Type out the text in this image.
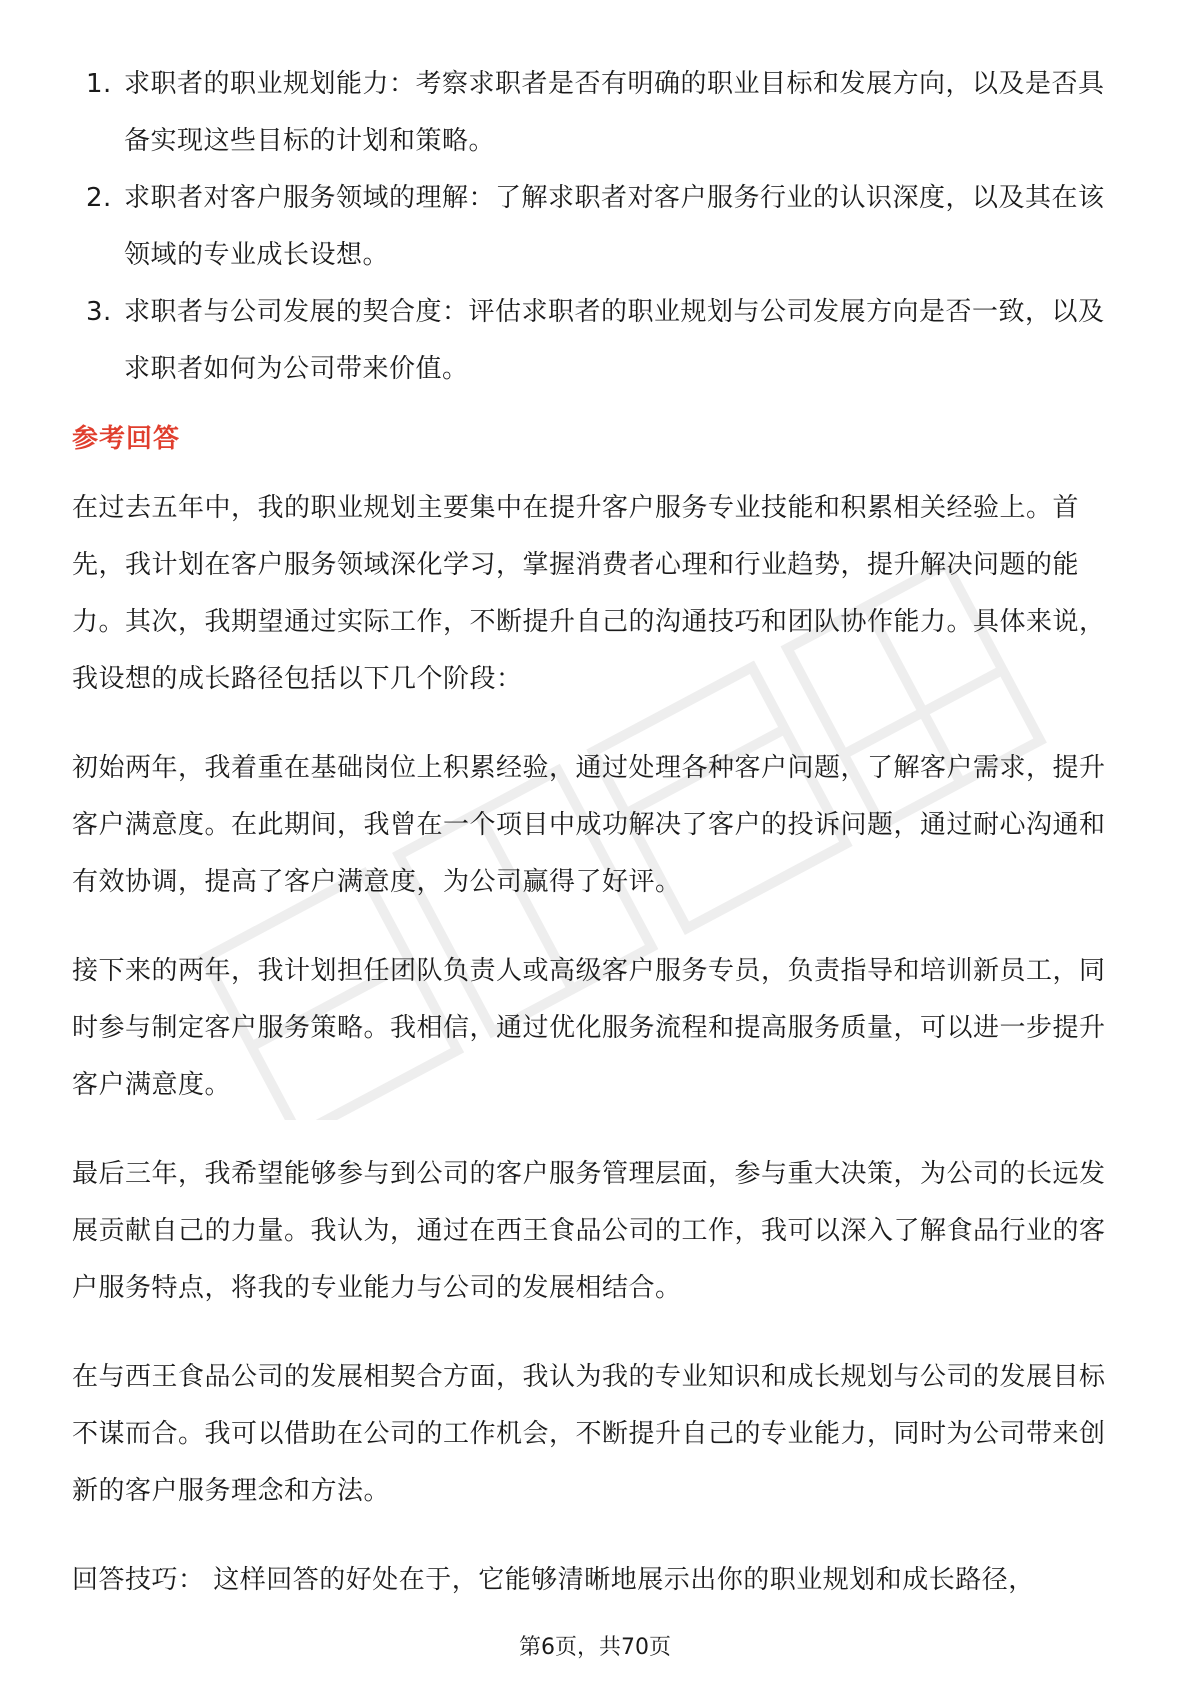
1. 求职者的职业规划能力：考察求职者是否有明确的职业目标和发展方向，以及是否具备实现这些目标的计划和策略。
2. 求职者对客户服务领域的理解：了解求职者对客户服务行业的认识深度，以及其在该领域的专业成长设想。
3. 求职者与公司发展的契合度：评估求职者的职业规划与公司发展方向是否一致，以及求职者如何为公司带来价值。
参考回答

在过去五年中，我的职业规划主要集中在提升客户服务专业技能和积累相关经验上。首先，我计划在客户服务领域深化学习，掌握消费者心理和行业趋势，提升解决问题的能力。其次，我期望通过实际工作，不断提升自己的沟通技巧和团队协作能力。具体来说，我设想的成长路径包括以下几个阶段：

初始两年，我着重在基础岗位上积累经验，通过处理各种客户问题，了解客户需求，提升客户满意度。在此期间，我曾在一个项目中成功解决了客户的投诉问题，通过耐心沟通和有效协调，提高了客户满意度，为公司赢得了好评。

接下来的两年，我计划担任团队负责人或高级客户服务专员，负责指导和培训新员工，同时参与制定客户服务策略。我相信，通过优化服务流程和提高服务质量，可以进一步提升客户满意度。

最后三年，我希望能够参与到公司的客户服务管理层面，参与重大决策，为公司的长远发展贡献自己的力量。我认为，通过在西王食品公司的工作，我可以深入了解食品行业的客户服务特点，将我的专业能力与公司的发展相结合。

在与西王食品公司的发展相契合方面，我认为我的专业知识和成长规划与公司的发展目标不谋而合。我可以借助在公司的工作机会，不断提升自己的专业能力，同时为公司带来创新的客户服务理念和方法。

回答技巧： 这样回答的好处在于，它能够清晰地展示出你的职业规划和成长路径，

第6页，共70页
